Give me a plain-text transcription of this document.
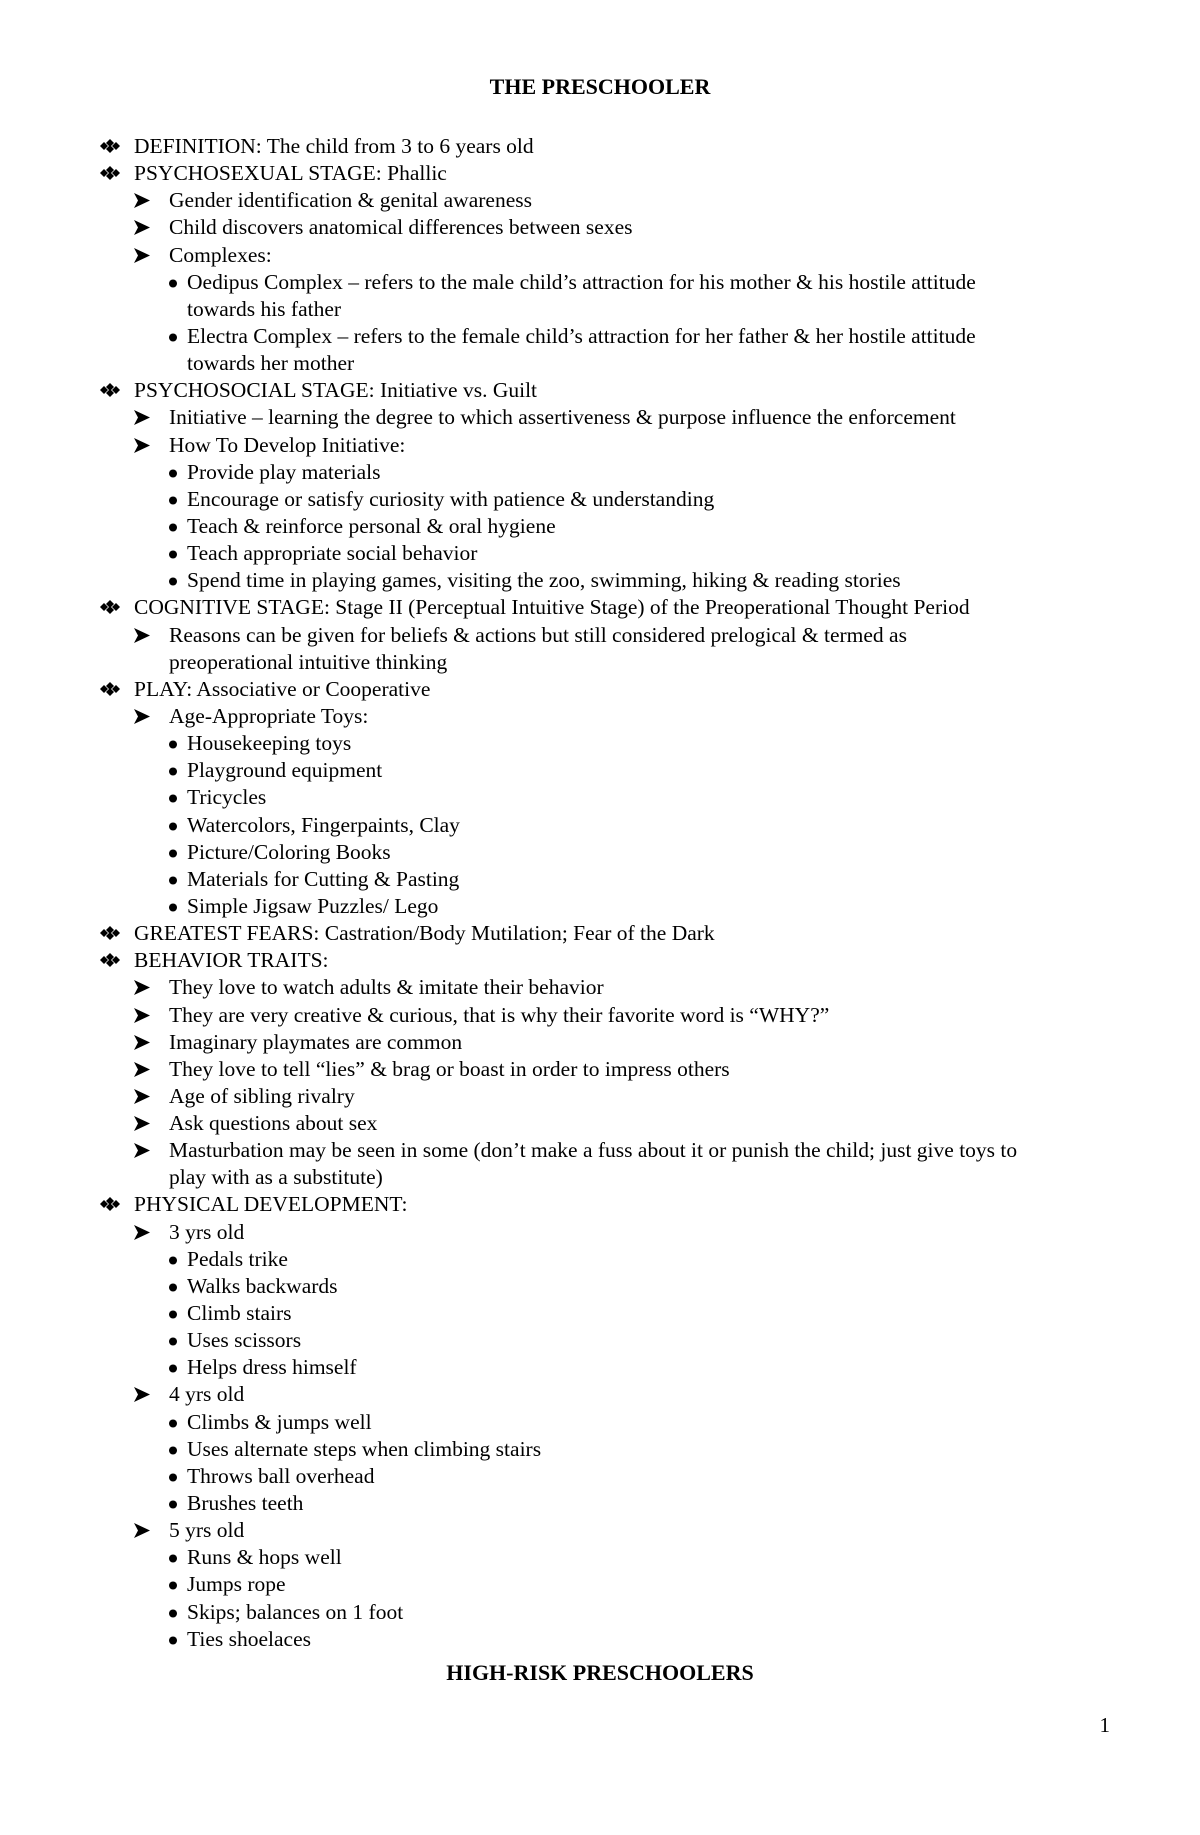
THE PRESCHOOLER
DEFINITION: The child from 3 to 6 years old
PSYCHOSEXUAL STAGE: Phallic
Gender identification & genital awareness
Child discovers anatomical differences between sexes
Complexes:
Oedipus Complex – refers to the male child’s attraction for his mother & his hostile attitude
towards his father
Electra Complex – refers to the female child’s attraction for her father & her hostile attitude
towards her mother
PSYCHOSOCIAL STAGE: Initiative vs. Guilt
Initiative – learning the degree to which assertiveness & purpose influence the enforcement
How To Develop Initiative:
Provide play materials
Encourage or satisfy curiosity with patience & understanding
Teach & reinforce personal & oral hygiene
Teach appropriate social behavior
Spend time in playing games, visiting the zoo, swimming, hiking & reading stories
COGNITIVE STAGE: Stage II (Perceptual Intuitive Stage) of the Preoperational Thought Period
Reasons can be given for beliefs & actions but still considered prelogical & termed as
preoperational intuitive thinking
PLAY: Associative or Cooperative
Age-Appropriate Toys:
Housekeeping toys
Playground equipment
Tricycles
Watercolors, Fingerpaints, Clay
Picture/Coloring Books
Materials for Cutting & Pasting
Simple Jigsaw Puzzles/ Lego
GREATEST FEARS: Castration/Body Mutilation; Fear of the Dark
BEHAVIOR TRAITS:
They love to watch adults & imitate their behavior
They are very creative & curious, that is why their favorite word is “WHY?”
Imaginary playmates are common
They love to tell “lies” & brag or boast in order to impress others
Age of sibling rivalry
Ask questions about sex
Masturbation may be seen in some (don’t make a fuss about it or punish the child; just give toys to
play with as a substitute)
PHYSICAL DEVELOPMENT:
3 yrs old
Pedals trike
Walks backwards
Climb stairs
Uses scissors
Helps dress himself
4 yrs old
Climbs & jumps well
Uses alternate steps when climbing stairs
Throws ball overhead
Brushes teeth
5 yrs old
Runs & hops well
Jumps rope
Skips; balances on 1 foot
Ties shoelaces
HIGH-RISK PRESCHOOLERS
1
